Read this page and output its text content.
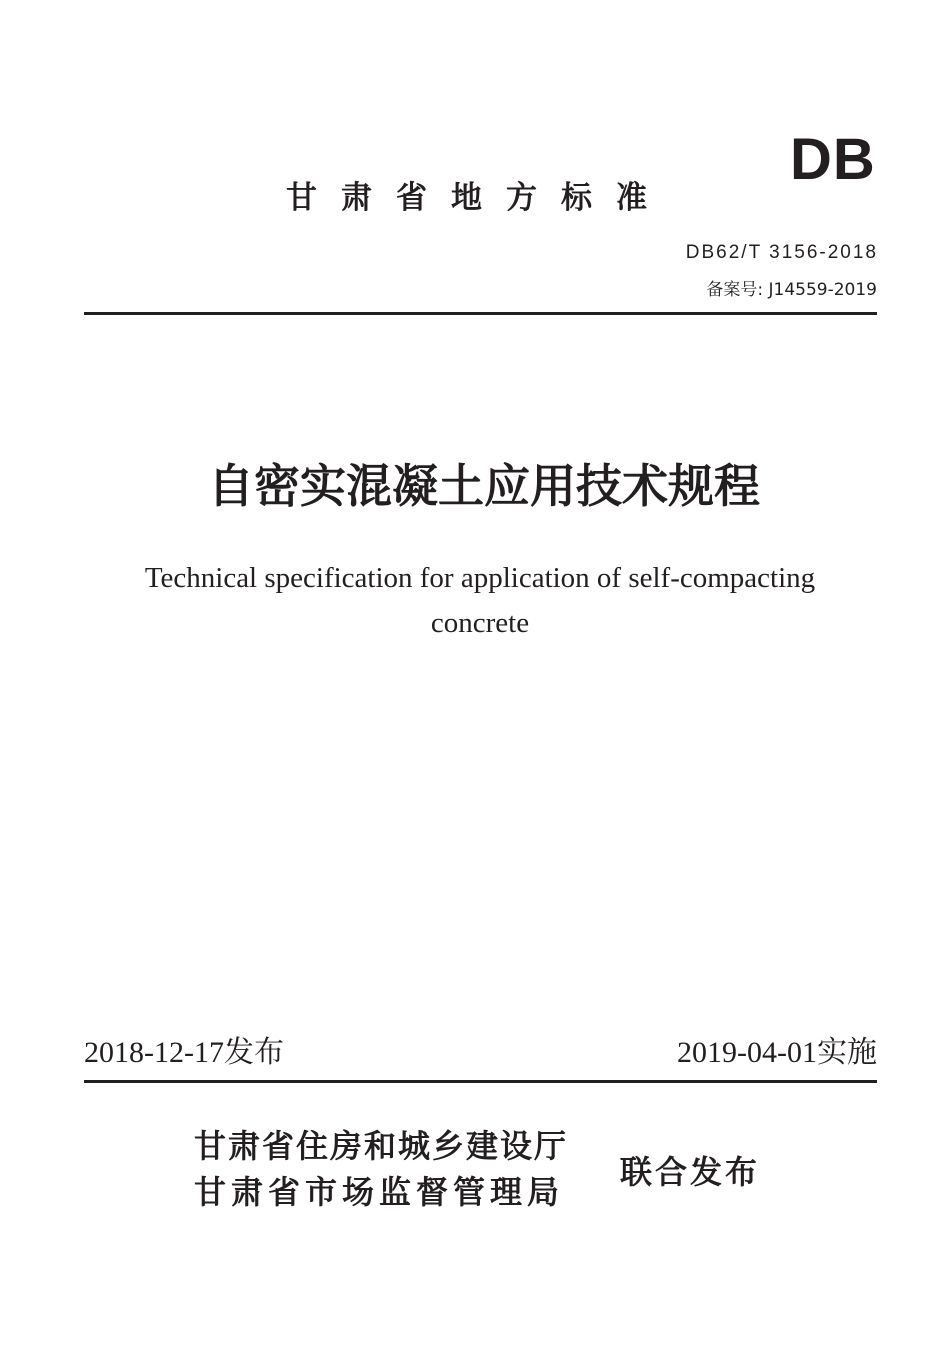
DB
甘肃省地方标准
DB62/T 3156-2018
备案号: J14559-2019
自密实混凝土应用技术规程
Technical specification for application of self-compacting
concrete
2018-12-17发布	2019-04-01实施
甘肃省住房和城乡建设厅
甘肃省市场监督管理局
联合发布
